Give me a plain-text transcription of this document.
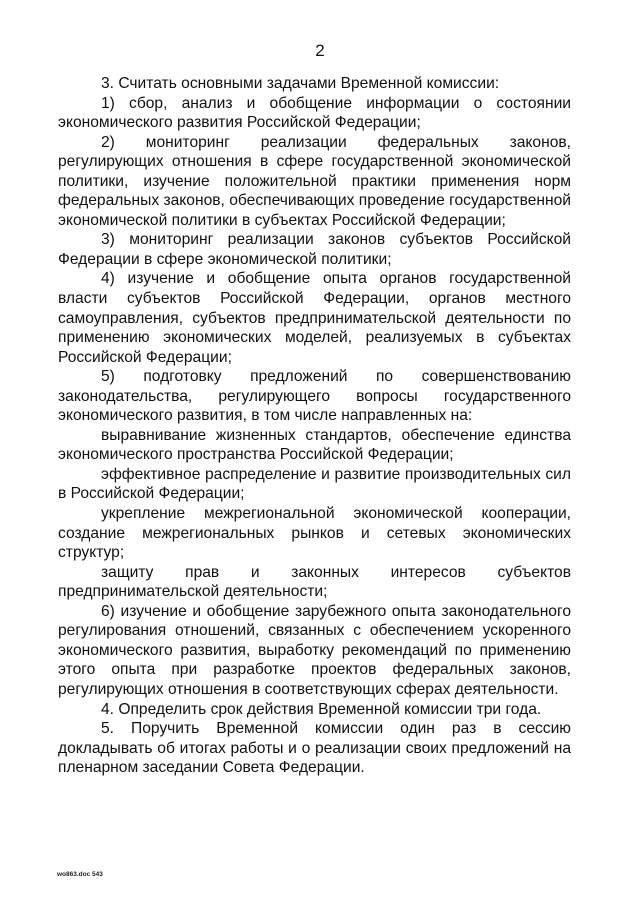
2

3. Считать основными задачами Временной комиссии:

1) сбор, анализ и обобщение информации о состоянии экономического развития Российской Федерации;

2) мониторинг реализации федеральных законов, регулирующих отношения в сфере государственной экономической политики, изучение положительной практики применения норм федеральных законов, обеспечивающих проведение государственной экономической политики в субъектах Российской Федерации;

3) мониторинг реализации законов субъектов Российской Федерации в сфере экономической политики;

4) изучение и обобщение опыта органов государственной власти субъектов Российской Федерации, органов местного самоуправления, субъектов предпринимательской деятельности по применению экономических моделей, реализуемых в субъектах Российской Федерации;

5) подготовку предложений по совершенствованию законодательства, регулирующего вопросы государственного экономического развития, в том числе направленных на:

выравнивание жизненных стандартов, обеспечение единства экономического пространства Российской Федерации;

эффективное распределение и развитие производительных сил в Российской Федерации;

укрепление межрегиональной экономической кооперации, создание межрегиональных рынков и сетевых экономических структур;

защиту прав и законных интересов субъектов предпринимательской деятельности;

6) изучение и обобщение зарубежного опыта законодательного регулирования отношений, связанных с обеспечением ускоренного экономического развития, выработку рекомендаций по применению этого опыта при разработке проектов федеральных законов, регулирующих отношения в соответствующих сферах деятельности.

4. Определить срок действия Временной комиссии три года.

5. Поручить Временной комиссии один раз в сессию докладывать об итогах работы и о реализации своих предложений на пленарном заседании Совета Федерации.

wo863.doc 543
